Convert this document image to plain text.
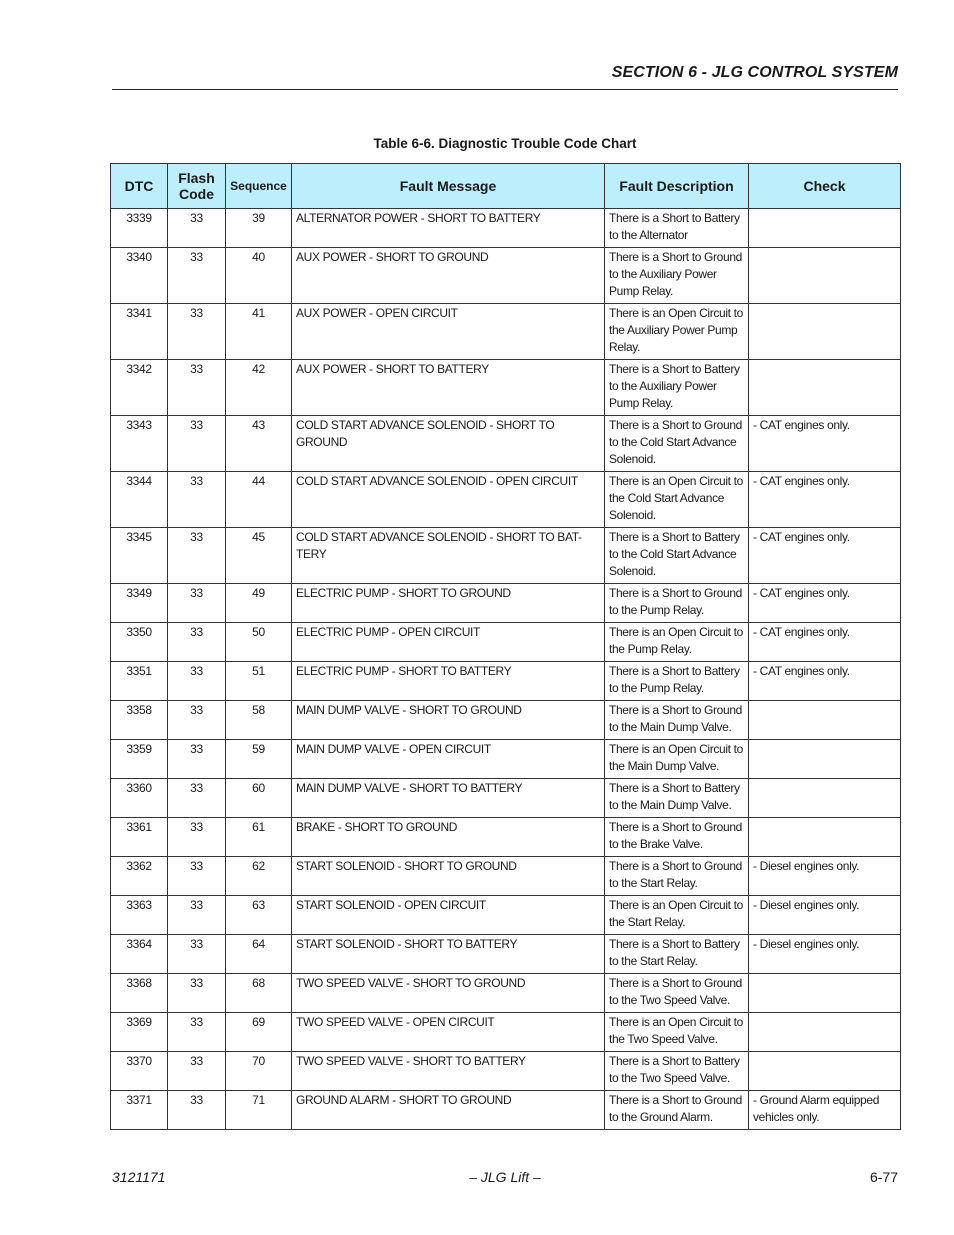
SECTION 6 - JLG CONTROL SYSTEM
Table 6-6. Diagnostic Trouble Code Chart
DTC	Flash Code	Sequence	Fault Message	Fault Description	Check
3339	33	39	ALTERNATOR POWER - SHORT TO BATTERY	There is a Short to Battery to the Alternator	
3340	33	40	AUX POWER - SHORT TO GROUND	There is a Short to Ground to the Auxiliary Power Pump Relay.	
3341	33	41	AUX POWER - OPEN CIRCUIT	There is an Open Circuit to the Auxiliary Power Pump Relay.	
3342	33	42	AUX POWER - SHORT TO BATTERY	There is a Short to Battery to the Auxiliary Power Pump Relay.	
3343	33	43	COLD START ADVANCE SOLENOID - SHORT TO GROUND	There is a Short to Ground to the Cold Start Advance Solenoid.	- CAT engines only.
3344	33	44	COLD START ADVANCE SOLENOID - OPEN CIRCUIT	There is an Open Circuit to the Cold Start Advance Solenoid.	- CAT engines only.
3345	33	45	COLD START ADVANCE SOLENOID - SHORT TO BAT-TERY	There is a Short to Battery to the Cold Start Advance Solenoid.	- CAT engines only.
3349	33	49	ELECTRIC PUMP - SHORT TO GROUND	There is a Short to Ground to the Pump Relay.	- CAT engines only.
3350	33	50	ELECTRIC PUMP - OPEN CIRCUIT	There is an Open Circuit to the Pump Relay.	- CAT engines only.
3351	33	51	ELECTRIC PUMP - SHORT TO BATTERY	There is a Short to Battery to the Pump Relay.	- CAT engines only.
3358	33	58	MAIN DUMP VALVE - SHORT TO GROUND	There is a Short to Ground to the Main Dump Valve.	
3359	33	59	MAIN DUMP VALVE - OPEN CIRCUIT	There is an Open Circuit to the Main Dump Valve.	
3360	33	60	MAIN DUMP VALVE - SHORT TO BATTERY	There is a Short to Battery to the Main Dump Valve.	
3361	33	61	BRAKE - SHORT TO GROUND	There is a Short to Ground to the Brake Valve.	
3362	33	62	START SOLENOID - SHORT TO GROUND	There is a Short to Ground to the Start Relay.	- Diesel engines only.
3363	33	63	START SOLENOID - OPEN CIRCUIT	There is an Open Circuit to the Start Relay.	- Diesel engines only.
3364	33	64	START SOLENOID - SHORT TO BATTERY	There is a Short to Battery to the Start Relay.	- Diesel engines only.
3368	33	68	TWO SPEED VALVE - SHORT TO GROUND	There is a Short to Ground to the Two Speed Valve.	
3369	33	69	TWO SPEED VALVE - OPEN CIRCUIT	There is an Open Circuit to the Two Speed Valve.	
3370	33	70	TWO SPEED VALVE - SHORT TO BATTERY	There is a Short to Battery to the Two Speed Valve.	
3371	33	71	GROUND ALARM - SHORT TO GROUND	There is a Short to Ground to the Ground Alarm.	- Ground Alarm equipped vehicles only.
3121171	– JLG Lift –	6-77
